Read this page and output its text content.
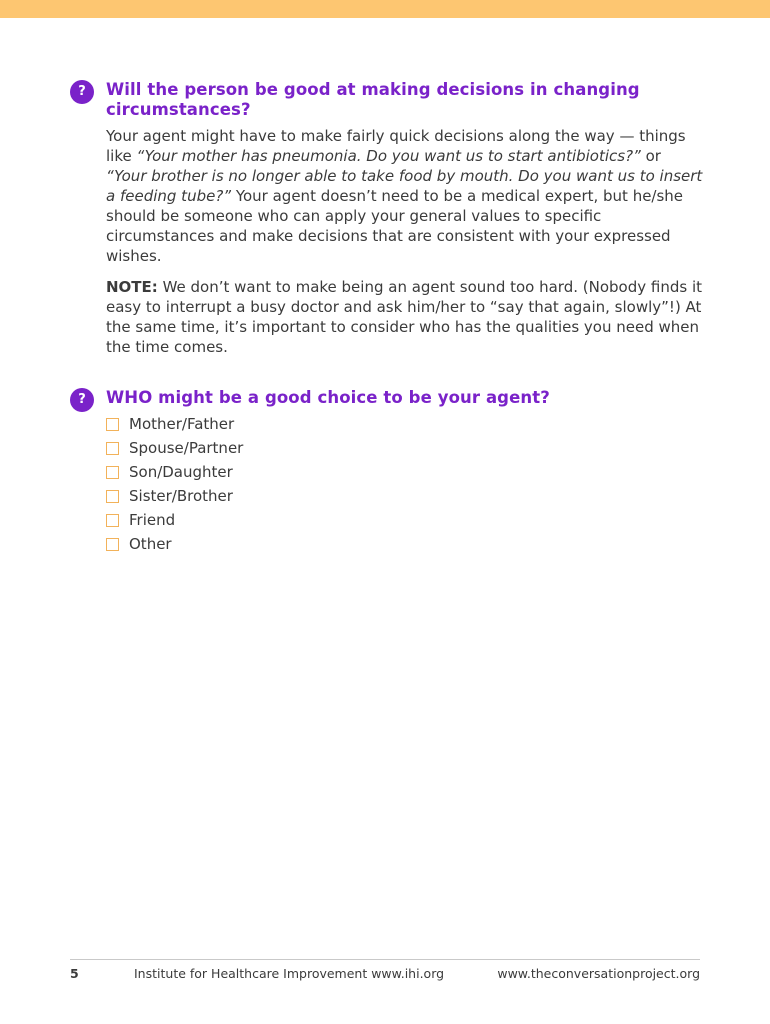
?	Will the person be good at making decisions in changing circumstances?

Your agent might have to make fairly quick decisions along the way — things like “Your mother has pneumonia. Do you want us to start antibiotics?” or “Your brother is no longer able to take food by mouth. Do you want us to insert a feeding tube?” Your agent doesn’t need to be a medical expert, but he/she should be someone who can apply your general values to specific circumstances and make decisions that are consistent with your expressed wishes.

NOTE: We don’t want to make being an agent sound too hard. (Nobody finds it easy to interrupt a busy doctor and ask him/her to “say that again, slowly”!) At the same time, it’s important to consider who has the qualities you need when the time comes.

?	WHO might be a good choice to be your agent?
Mother/Father
Spouse/Partner
Son/Daughter
Sister/Brother
Friend
Other
5	Institute for Healthcare Improvement www.ihi.org	www.theconversationproject.org
